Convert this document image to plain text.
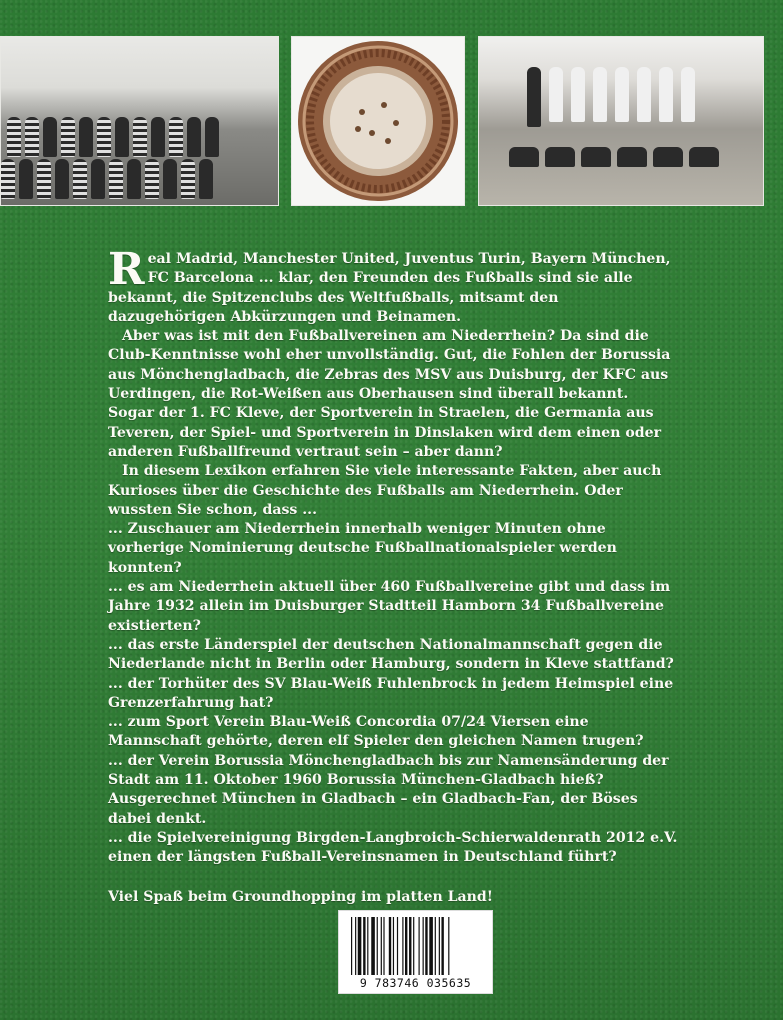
Real Madrid, Manchester United, Juventus Turin, Bayern München, FC Barcelona ... klar, den Freunden des Fußballs sind sie alle bekannt, die Spitzenclubs des Weltfußballs, mitsamt den dazugehörigen Abkürzungen und Beinamen.

Aber was ist mit den Fußballvereinen am Niederrhein? Da sind die Club-Kenntnisse wohl eher unvollständig. Gut, die Fohlen der Borussia aus Mönchengladbach, die Zebras des MSV aus Duisburg, der KFC aus Uerdingen, die Rot-Weißen aus Oberhausen sind überall bekannt. Sogar der 1. FC Kleve, der Sportverein in Straelen, die Germania aus Teveren, der Spiel- und Sportverein in Dinslaken wird dem einen oder anderen Fußballfreund vertraut sein – aber dann?

In diesem Lexikon erfahren Sie viele interessante Fakten, aber auch Kurioses über die Geschichte des Fußballs am Niederrhein. Oder wussten Sie schon, dass ...

... Zuschauer am Niederrhein innerhalb weniger Minuten ohne vorherige Nominierung deutsche Fußballnationalspieler werden konnten?

... es am Niederrhein aktuell über 460 Fußballvereine gibt und dass im Jahre 1932 allein im Duisburger Stadtteil Hamborn 34 Fußballvereine existierten?

... das erste Länderspiel der deutschen Nationalmannschaft gegen die Niederlande nicht in Berlin oder Hamburg, sondern in Kleve stattfand?

... der Torhüter des SV Blau-Weiß Fuhlenbrock in jedem Heimspiel eine Grenzerfahrung hat?

... zum Sport Verein Blau-Weiß Concordia 07/24 Viersen eine Mannschaft gehörte, deren elf Spieler den gleichen Namen trugen?

... der Verein Borussia Mönchengladbach bis zur Namensänderung der Stadt am 11. Oktober 1960 Borussia München-Gladbach hieß? Ausgerechnet München in Gladbach – ein Gladbach-Fan, der Böses dabei denkt.

... die Spielvereinigung Birgden-Langbroich-Schierwaldenrath 2012 e.V. einen der längsten Fußball-Vereinsnamen in Deutschland führt?

Viel Spaß beim Groundhopping im platten Land!

9 783746 035635
